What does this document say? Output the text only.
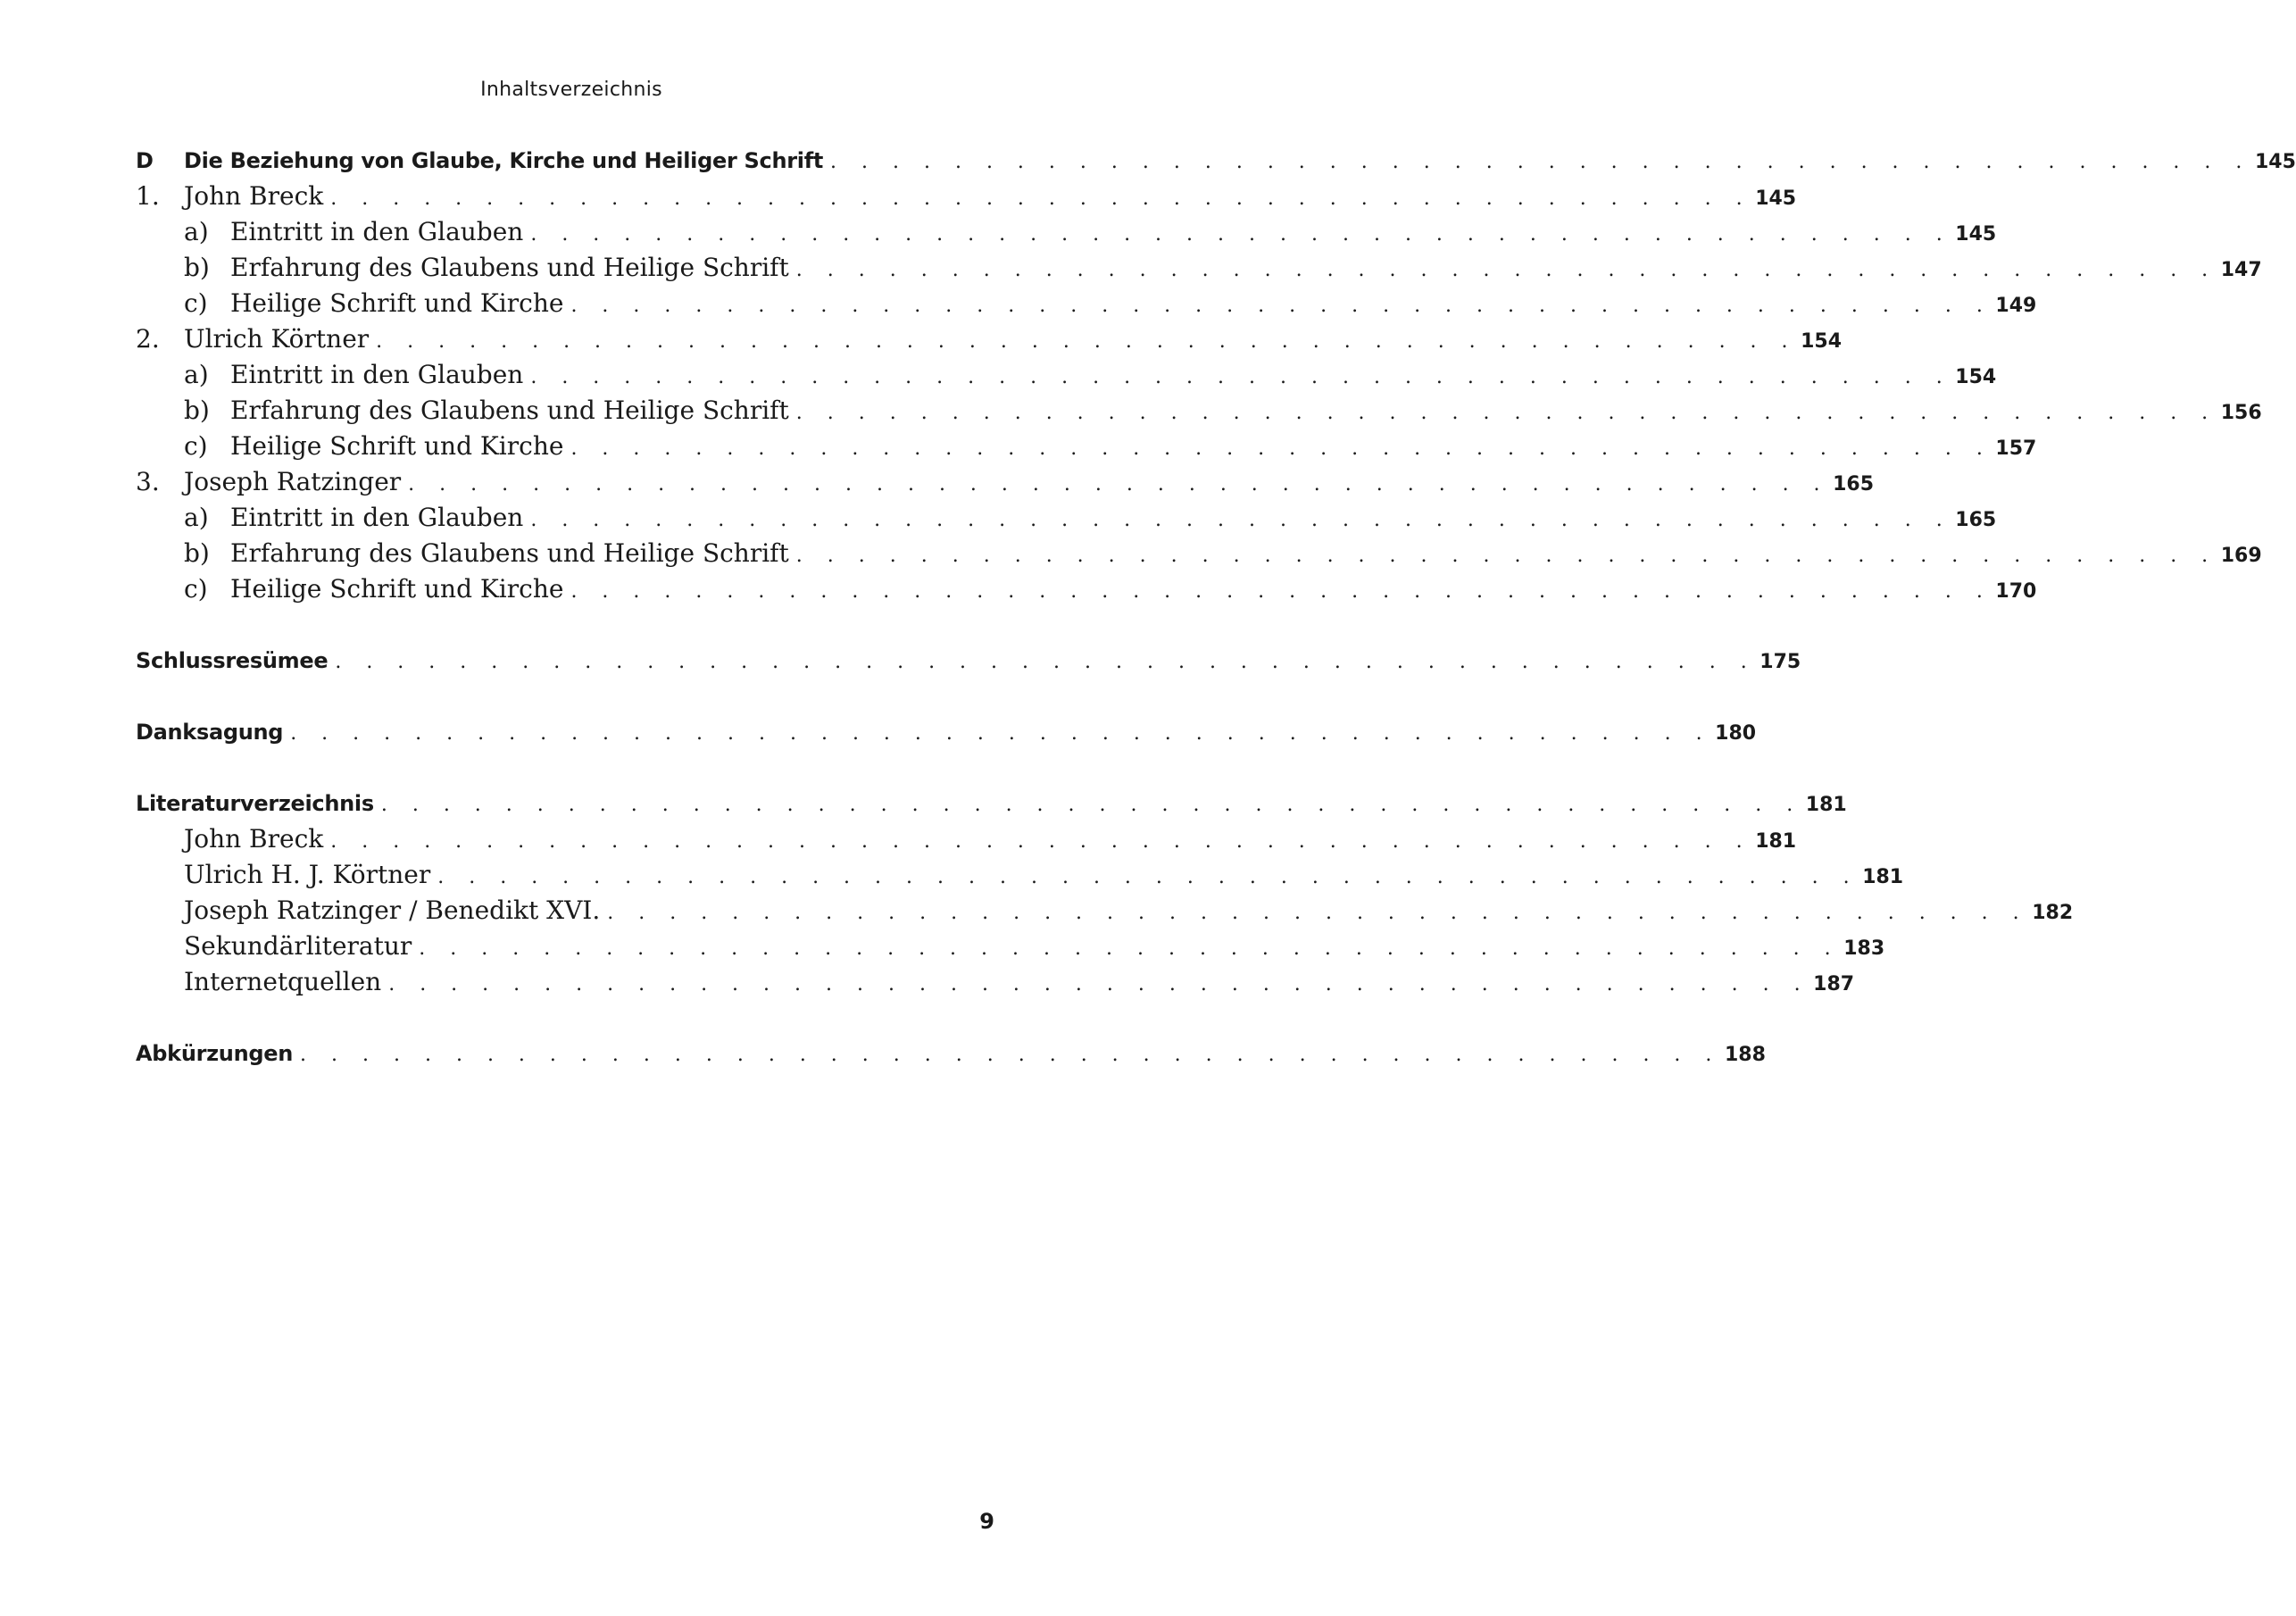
Inhaltsverzeichnis
D	Die Beziehung von Glaube, Kirche und Heiliger Schrift . . . . . . . . . . . . . . . . . . . . . . . . . . . . . . . . . . . . . . . . . . . . . . 145
1. John Breck . . . . . . . . . . . . . . . . . . . . . . . . . . . . . . . . . . . . . . . . . . . . . . 145
a) Eintritt in den Glauben . . . . . . . . . . . . . . . . . . . . . . . . . . . . . . . . . . . . . . . . . . . . . . 145
b) Erfahrung des Glaubens und Heilige Schrift . . . . . . . . . . . . . . . . . . . . . . . . . . . . . . . . . . . . . . . . . . . . . . 147
c) Heilige Schrift und Kirche . . . . . . . . . . . . . . . . . . . . . . . . . . . . . . . . . . . . . . . . . . . . . . 149
2. Ulrich Körtner . . . . . . . . . . . . . . . . . . . . . . . . . . . . . . . . . . . . . . . . . . . . . . 154
a) Eintritt in den Glauben . . . . . . . . . . . . . . . . . . . . . . . . . . . . . . . . . . . . . . . . . . . . . . 154
b) Erfahrung des Glaubens und Heilige Schrift . . . . . . . . . . . . . . . . . . . . . . . . . . . . . . . . . . . . . . . . . . . . . . 156
c) Heilige Schrift und Kirche . . . . . . . . . . . . . . . . . . . . . . . . . . . . . . . . . . . . . . . . . . . . . . 157
3. Joseph Ratzinger . . . . . . . . . . . . . . . . . . . . . . . . . . . . . . . . . . . . . . . . . . . . . . 165
a) Eintritt in den Glauben . . . . . . . . . . . . . . . . . . . . . . . . . . . . . . . . . . . . . . . . . . . . . . 165
b) Erfahrung des Glaubens und Heilige Schrift . . . . . . . . . . . . . . . . . . . . . . . . . . . . . . . . . . . . . . . . . . . . . . 169
c) Heilige Schrift und Kirche . . . . . . . . . . . . . . . . . . . . . . . . . . . . . . . . . . . . . . . . . . . . . . 170
Schlussresümee . . . . . . . . . . . . . . . . . . . . . . . . . . . . . . . . . . . . . . . . . . . . . . 175
Danksagung . . . . . . . . . . . . . . . . . . . . . . . . . . . . . . . . . . . . . . . . . . . . . . 180
Literaturverzeichnis . . . . . . . . . . . . . . . . . . . . . . . . . . . . . . . . . . . . . . . . . . . . . . 181
John Breck . . . . . . . . . . . . . . . . . . . . . . . . . . . . . . . . . . . . . . . . . . . . . . 181
Ulrich H. J. Körtner . . . . . . . . . . . . . . . . . . . . . . . . . . . . . . . . . . . . . . . . . . . . . . 181
Joseph Ratzinger / Benedikt XVI. . . . . . . . . . . . . . . . . . . . . . . . . . . . . . . . . . . . . . . . . . . . . . . 182
Sekundärliteratur . . . . . . . . . . . . . . . . . . . . . . . . . . . . . . . . . . . . . . . . . . . . . . 183
Internetquellen . . . . . . . . . . . . . . . . . . . . . . . . . . . . . . . . . . . . . . . . . . . . . . 187
Abkürzungen . . . . . . . . . . . . . . . . . . . . . . . . . . . . . . . . . . . . . . . . . . . . . . 188
9
